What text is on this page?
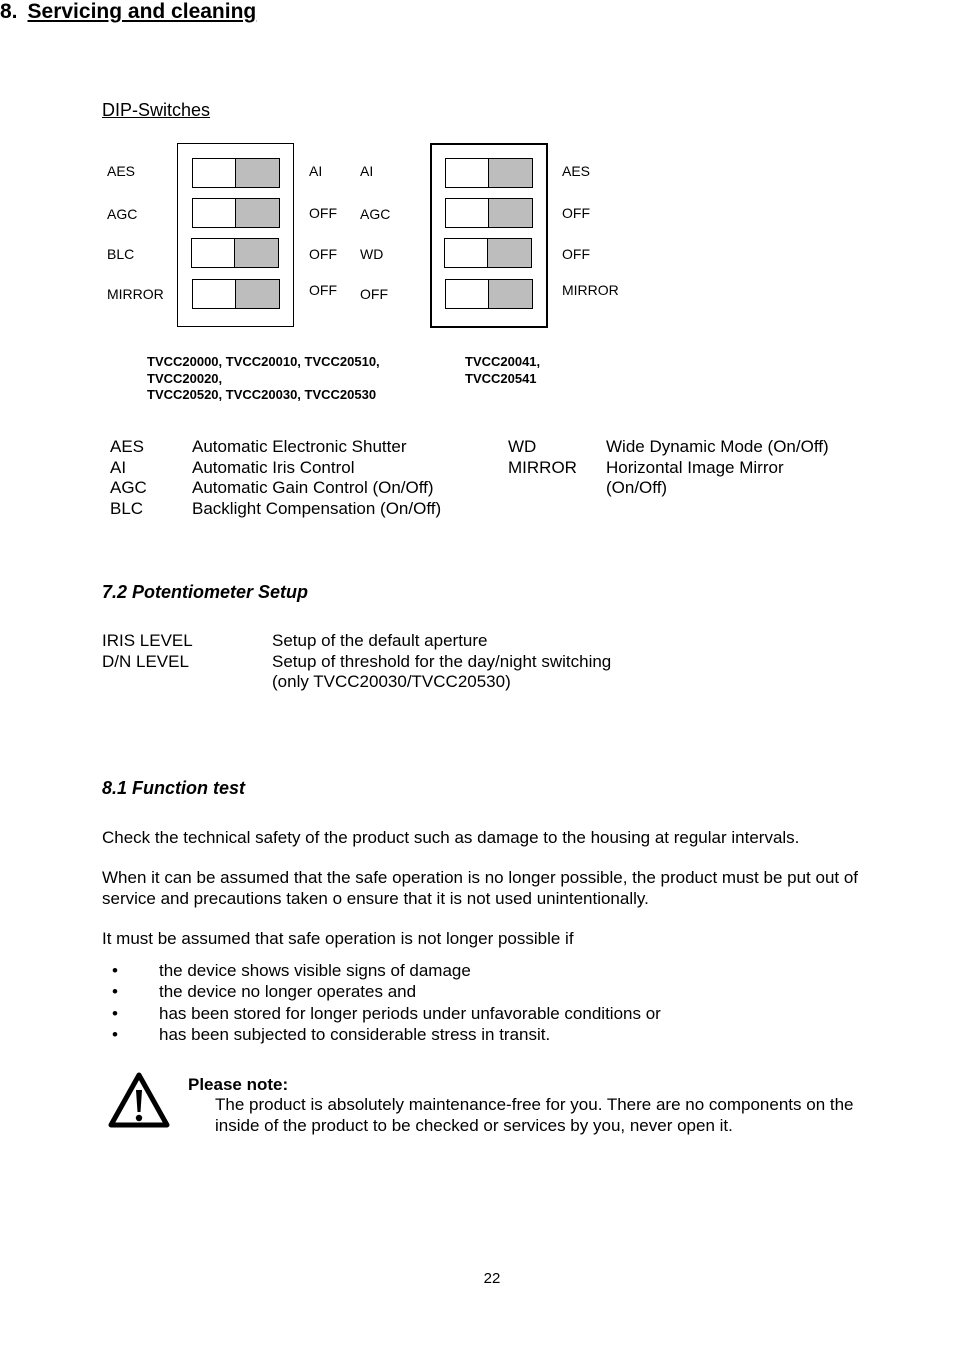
DIP-Switches
AES
AGC
BLC
MIRROR
AI
OFF
OFF
OFF
AI
AGC
WD
OFF
AES
OFF
OFF
MIRROR
TVCC20000, TVCC20010, TVCC20510,
TVCC20020,
TVCC20520, TVCC20030, TVCC20530
TVCC20041,
TVCC20541
AES
AI
AGC
BLC
Automatic Electronic Shutter
Automatic Iris Control
Automatic Gain Control (On/Off)
Backlight Compensation (On/Off)
WD
MIRROR
Wide Dynamic Mode (On/Off)
Horizontal Image Mirror
(On/Off)
7.2 Potentiometer Setup
IRIS LEVEL
D/N LEVEL
Setup of the default aperture
Setup of threshold for the day/night switching
(only TVCC20030/TVCC20530)
8. Servicing and cleaning
8.1 Function test
Check the technical safety of the product such as damage to the housing at regular intervals.
When it can be assumed that the safe operation is no longer possible, the product must be put out of service and precautions taken o ensure that it is not used unintentionally.
It must be assumed that safe operation is not longer possible if
• the device shows visible signs of damage
• the device no longer operates and
• has been stored for longer periods under unfavorable conditions or
• has been subjected to considerable stress in transit.
Please note:
The product is absolutely maintenance-free for you. There are no components on the inside of the product to be checked or services by you, never open it.
22
